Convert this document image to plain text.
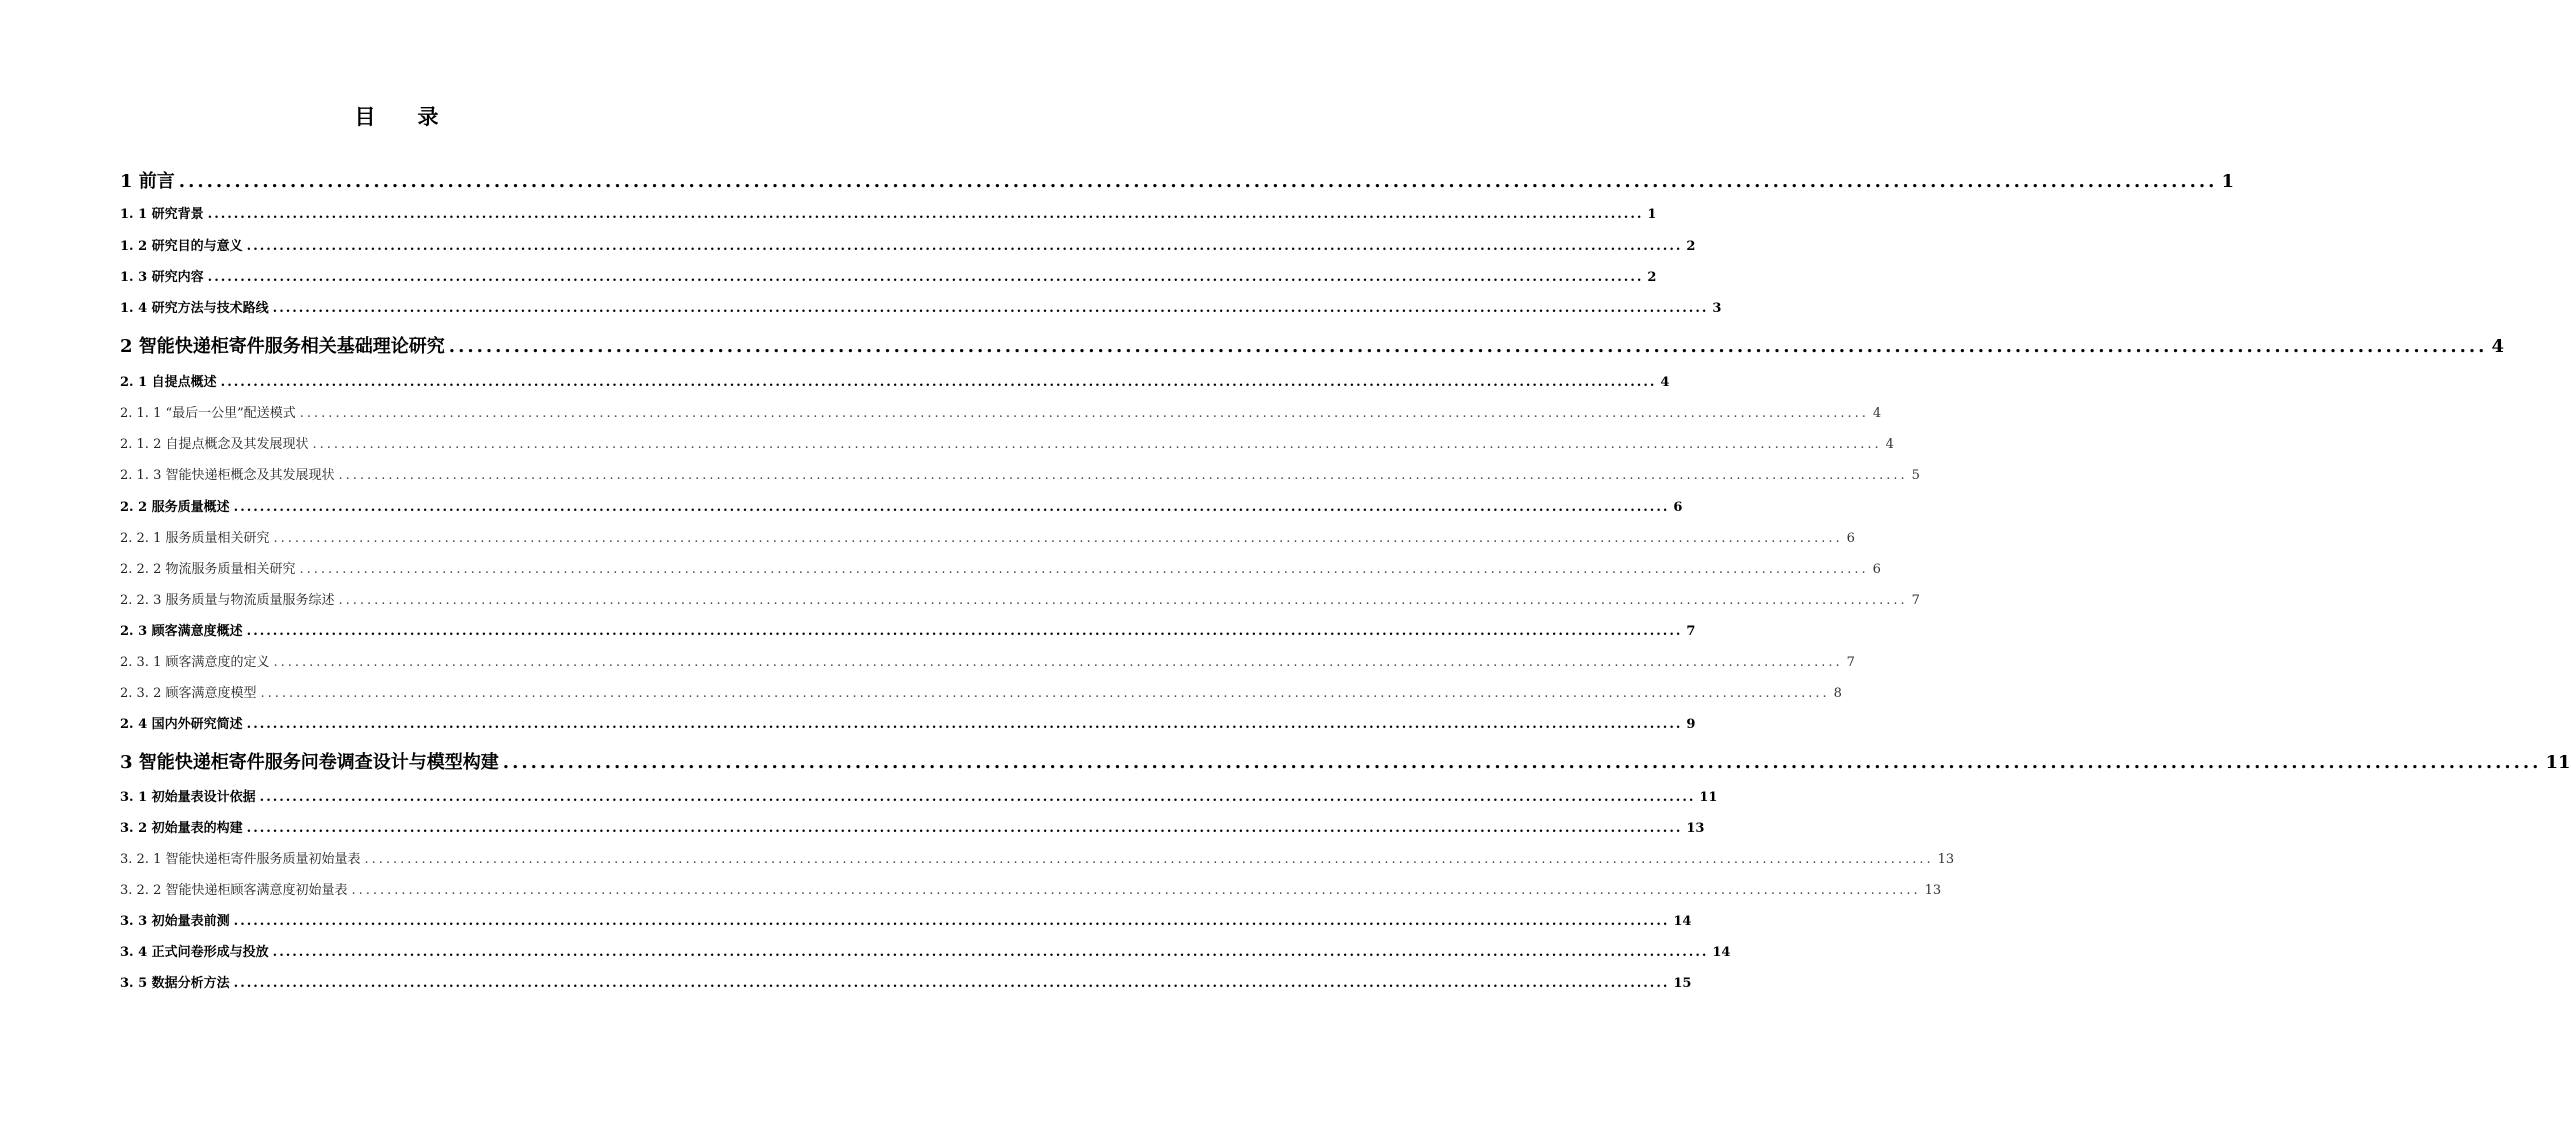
目 录
1 前言 ............................................................................................................................................................................................................................ 1
1. 1 研究背景 ............................................................................................................................................................................................................................ 1
1. 2 研究目的与意义 ............................................................................................................................................................................................................................ 2
1. 3 研究内容 ............................................................................................................................................................................................................................ 2
1. 4 研究方法与技术路线 ............................................................................................................................................................................................................................ 3
2 智能快递柜寄件服务相关基础理论研究 ............................................................................................................................................................................................................................ 4
2. 1 自提点概述 ............................................................................................................................................................................................................................ 4
2. 1. 1 “最后一公里”配送模式 ............................................................................................................................................................................................................................ 4
2. 1. 2 自提点概念及其发展现状 ............................................................................................................................................................................................................................ 4
2. 1. 3 智能快递柜概念及其发展现状 ............................................................................................................................................................................................................................ 5
2. 2 服务质量概述 ............................................................................................................................................................................................................................ 6
2. 2. 1 服务质量相关研究 ............................................................................................................................................................................................................................ 6
2. 2. 2 物流服务质量相关研究 ............................................................................................................................................................................................................................ 6
2. 2. 3 服务质量与物流质量服务综述 ............................................................................................................................................................................................................................ 7
2. 3 顾客满意度概述 ............................................................................................................................................................................................................................ 7
2. 3. 1 顾客满意度的定义 ............................................................................................................................................................................................................................ 7
2. 3. 2 顾客满意度模型 ............................................................................................................................................................................................................................ 8
2. 4 国内外研究简述 ............................................................................................................................................................................................................................ 9
3 智能快递柜寄件服务问卷调查设计与模型构建 ............................................................................................................................................................................................................................ 11
3. 1 初始量表设计依据 ............................................................................................................................................................................................................................ 11
3. 2 初始量表的构建 ............................................................................................................................................................................................................................ 13
3. 2. 1 智能快递柜寄件服务质量初始量表 ............................................................................................................................................................................................................................ 13
3. 2. 2 智能快递柜顾客满意度初始量表 ............................................................................................................................................................................................................................ 13
3. 3 初始量表前测 ............................................................................................................................................................................................................................ 14
3. 4 正式问卷形成与投放 ............................................................................................................................................................................................................................ 14
3. 5 数据分析方法 ............................................................................................................................................................................................................................ 15
